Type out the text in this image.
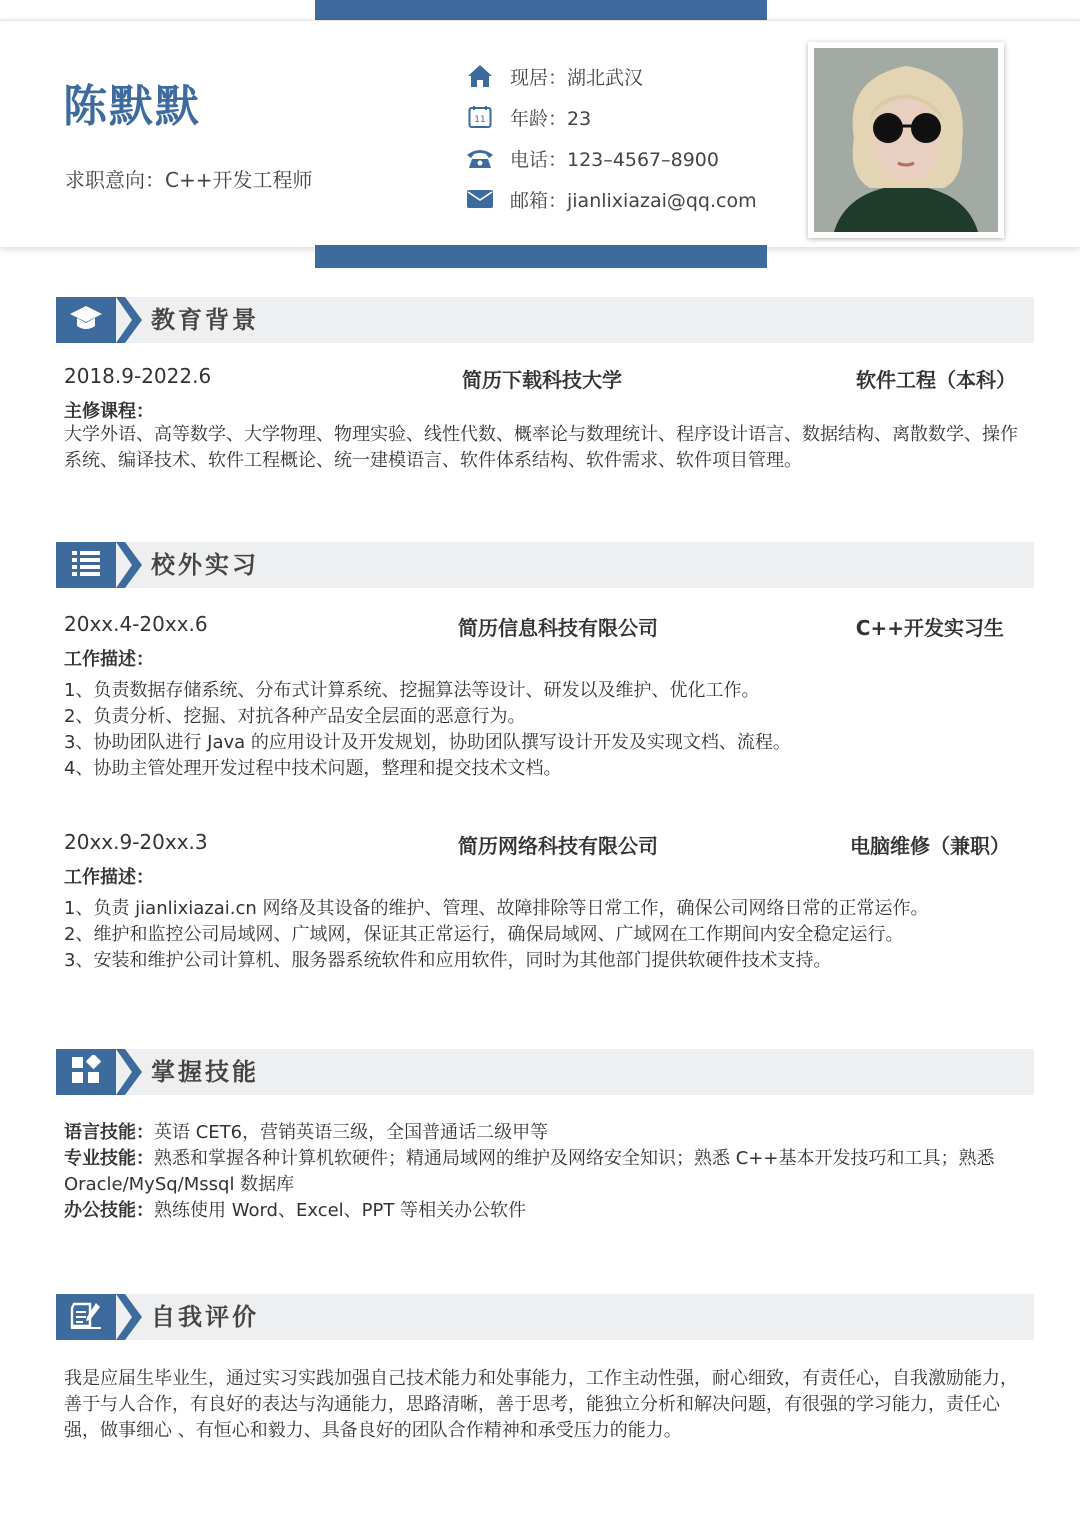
陈默默
求职意向：C++开发工程师
现居：湖北武汉
11 年龄：23
电话：123–4567–8900
邮箱：jianlixiazai@qq.com
教育背景
2018.9-2022.6	简历下载科技大学	软件工程（本科）
主修课程：
大学外语、高等数学、大学物理、物理实验、线性代数、概率论与数理统计、程序设计语言、数据结构、离散数学、操作系统、编译技术、软件工程概论、统一建模语言、软件体系结构、软件需求、软件项目管理。
校外实习
20xx.4-20xx.6	简历信息科技有限公司	C++开发实习生
工作描述：
1、负责数据存储系统、分布式计算系统、挖掘算法等设计、研发以及维护、优化工作。
2、负责分析、挖掘、对抗各种产品安全层面的恶意行为。
3、协助团队进行 Java 的应用设计及开发规划，协助团队撰写设计开发及实现文档、流程。
4、协助主管处理开发过程中技术问题，整理和提交技术文档。
20xx.9-20xx.3	简历网络科技有限公司	电脑维修（兼职）
工作描述：
1、负责 jianlixiazai.cn 网络及其设备的维护、管理、故障排除等日常工作，确保公司网络日常的正常运作。
2、维护和监控公司局域网、广域网，保证其正常运行，确保局域网、广域网在工作期间内安全稳定运行。
3、安装和维护公司计算机、服务器系统软件和应用软件，同时为其他部门提供软硬件技术支持。
掌握技能
语言技能：英语 CET6，营销英语三级，全国普通话二级甲等
专业技能：熟悉和掌握各种计算机软硬件；精通局域网的维护及网络安全知识；熟悉 C++基本开发技巧和工具；熟悉 Oracle/MySq/Mssql 数据库
办公技能：熟练使用 Word、Excel、PPT 等相关办公软件
自我评价
我是应届生毕业生，通过实习实践加强自己技术能力和处事能力，工作主动性强，耐心细致，有责任心，自我激励能力，善于与人合作，有良好的表达与沟通能力，思路清晰，善于思考，能独立分析和解决问题，有很强的学习能力，责任心强，做事细心 、有恒心和毅力、具备良好的团队合作精神和承受压力的能力。
